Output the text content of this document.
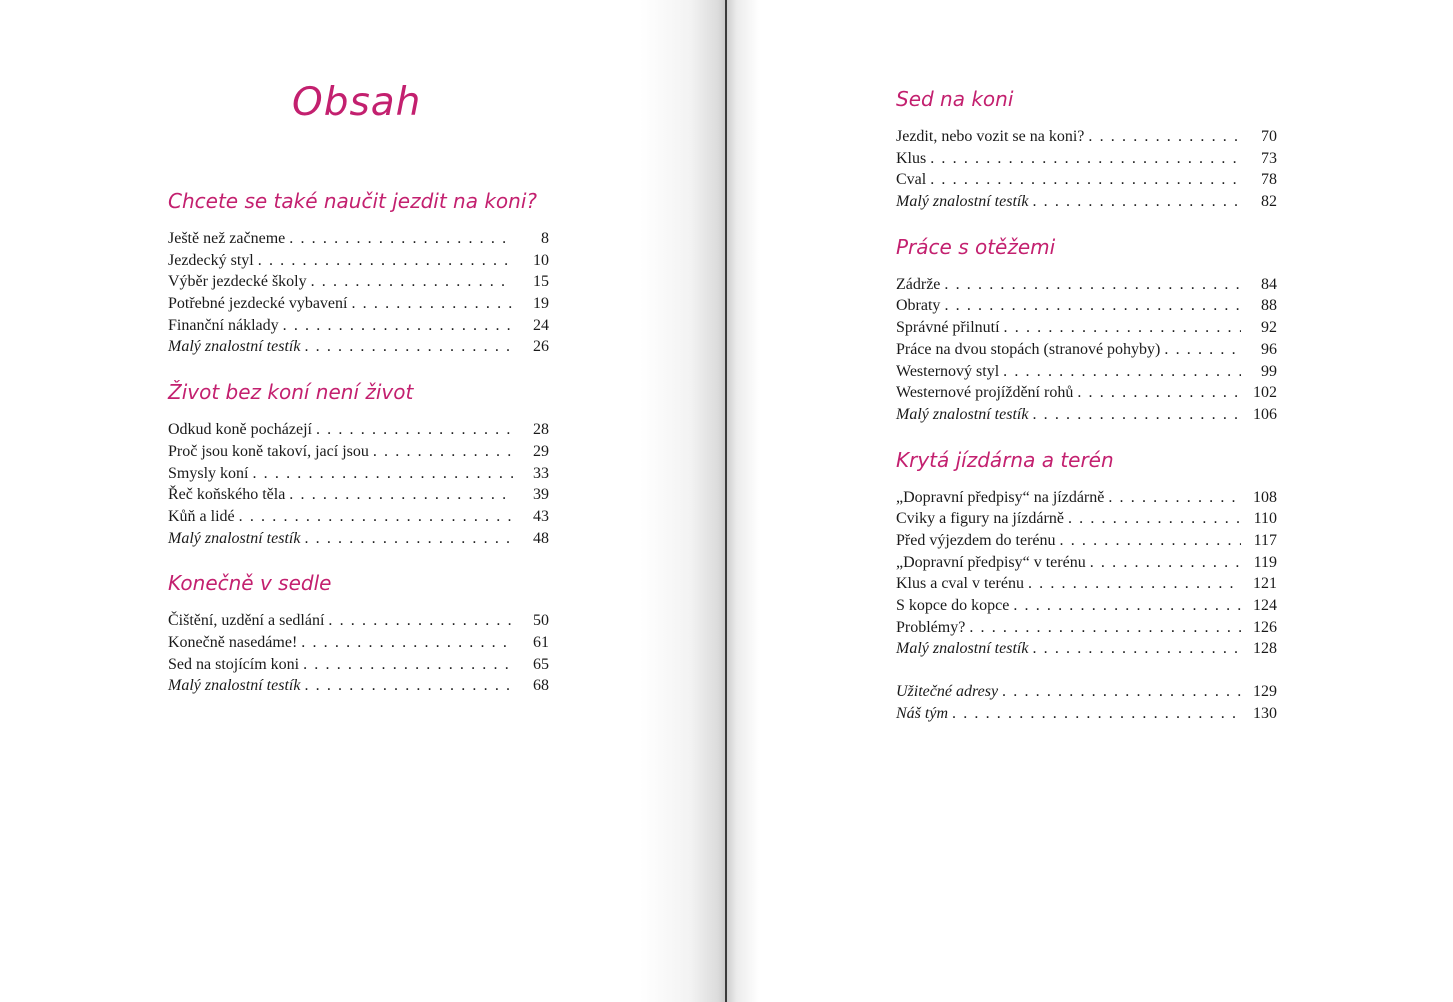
Obsah
Chcete se také naučit jezdit na koni?
Ještě než začneme . . .	8
Jezdecký styl . . .	10
Výběr jezdecké školy . . .	15
Potřebné jezdecké vybavení . . .	19
Finanční náklady . . .	24
Malý znalostní testík . . .	26
Život bez koní není život
Odkud koně pocházejí . . .	28
Proč jsou koně takoví, jací jsou . . .	29
Smysly koní . . .	33
Řeč koňského těla . . .	39
Kůň a lidé . . .	43
Malý znalostní testík . . .	48
Konečně v sedle
Čištění, uzdění a sedlání . . .	50
Konečně nasedáme! . . .	61
Sed na stojícím koni . . .	65
Malý znalostní testík . . .	68
Sed na koni
Jezdit, nebo vozit se na koni? . . .	70
Klus . . .	73
Cval . . .	78
Malý znalostní testík . . .	82
Práce s otěžemi
Zádrže . . .	84
Obraty . . .	88
Správné přilnutí . . .	92
Práce na dvou stopách (stranové pohyby) . . .	96
Westernový styl . . .	99
Westernové projíždění rohů . . .	102
Malý znalostní testík . . .	106
Krytá jízdárna a terén
„Dopravní předpisy“ na jízdárně . . .	108
Cviky a figury na jízdárně . . .	110
Před výjezdem do terénu . . .	117
„Dopravní předpisy“ v terénu . . .	119
Klus a cval v terénu . . .	121
S kopce do kopce . . .	124
Problémy? . . .	126
Malý znalostní testík . . .	128
Užitečné adresy . . .	129
Náš tým . . .	130
